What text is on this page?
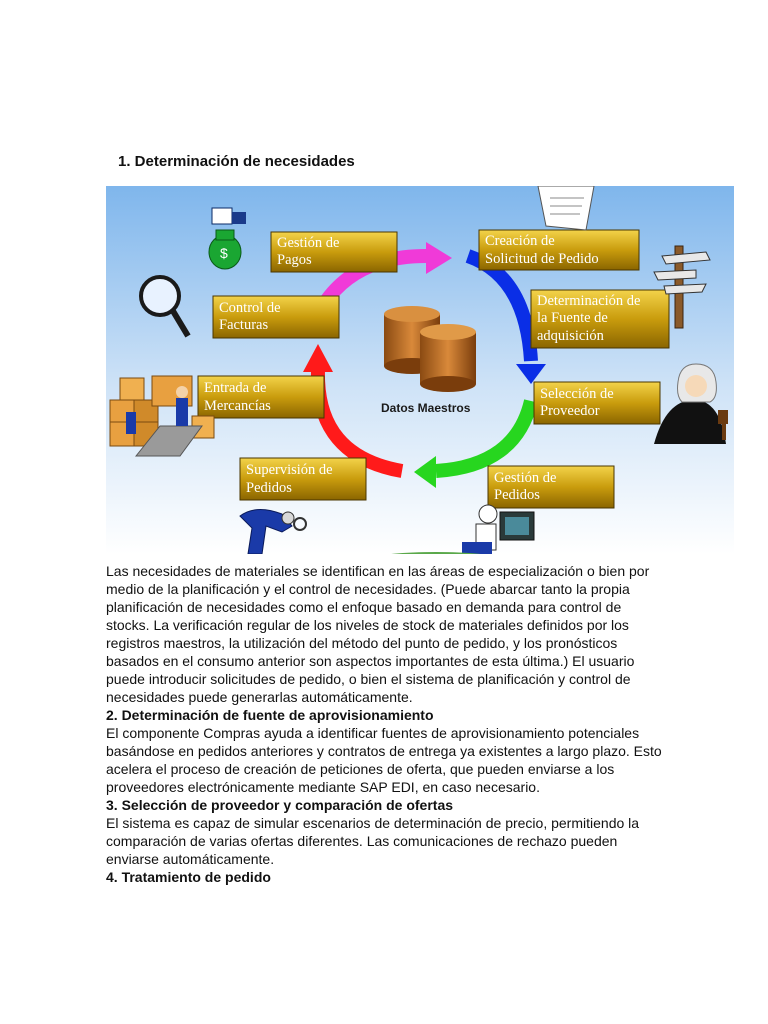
1. Determinación de necesidades
Datos Maestros
Gestión de
Pagos
Creación de
Solicitud de Pedido
Determinación de
la Fuente de
adquisición
Selección de
Proveedor
Gestión de
Pedidos
Supervisión de
Pedidos
Entrada de
Mercancías
Control de
Facturas
$

Las necesidades de materiales se identifican en las áreas de especialización o bien por medio de la planificación y el control de necesidades. (Puede abarcar tanto la propia planificación de necesidades como el enfoque basado en demanda para control de stocks. La verificación regular de los niveles de stock de materiales definidos por los registros maestros, la utilización del método del punto de pedido, y los pronósticos basados en el consumo anterior son aspectos importantes de esta última.) El usuario puede introducir solicitudes de pedido, o bien el sistema de planificación y control de necesidades puede generarlas automáticamente.

2. Determinación de fuente de aprovisionamiento

El componente Compras ayuda a identificar fuentes de aprovisionamiento potenciales basándose en pedidos anteriores y contratos de entrega ya existentes a largo plazo. Esto acelera el proceso de creación de peticiones de oferta, que pueden enviarse a los proveedores electrónicamente mediante SAP EDI, en caso necesario.

3. Selección de proveedor y comparación de ofertas

El sistema es capaz de simular escenarios de determinación de precio, permitiendo la comparación de varias ofertas diferentes. Las comunicaciones de rechazo pueden enviarse automáticamente.

4. Tratamiento de pedido
